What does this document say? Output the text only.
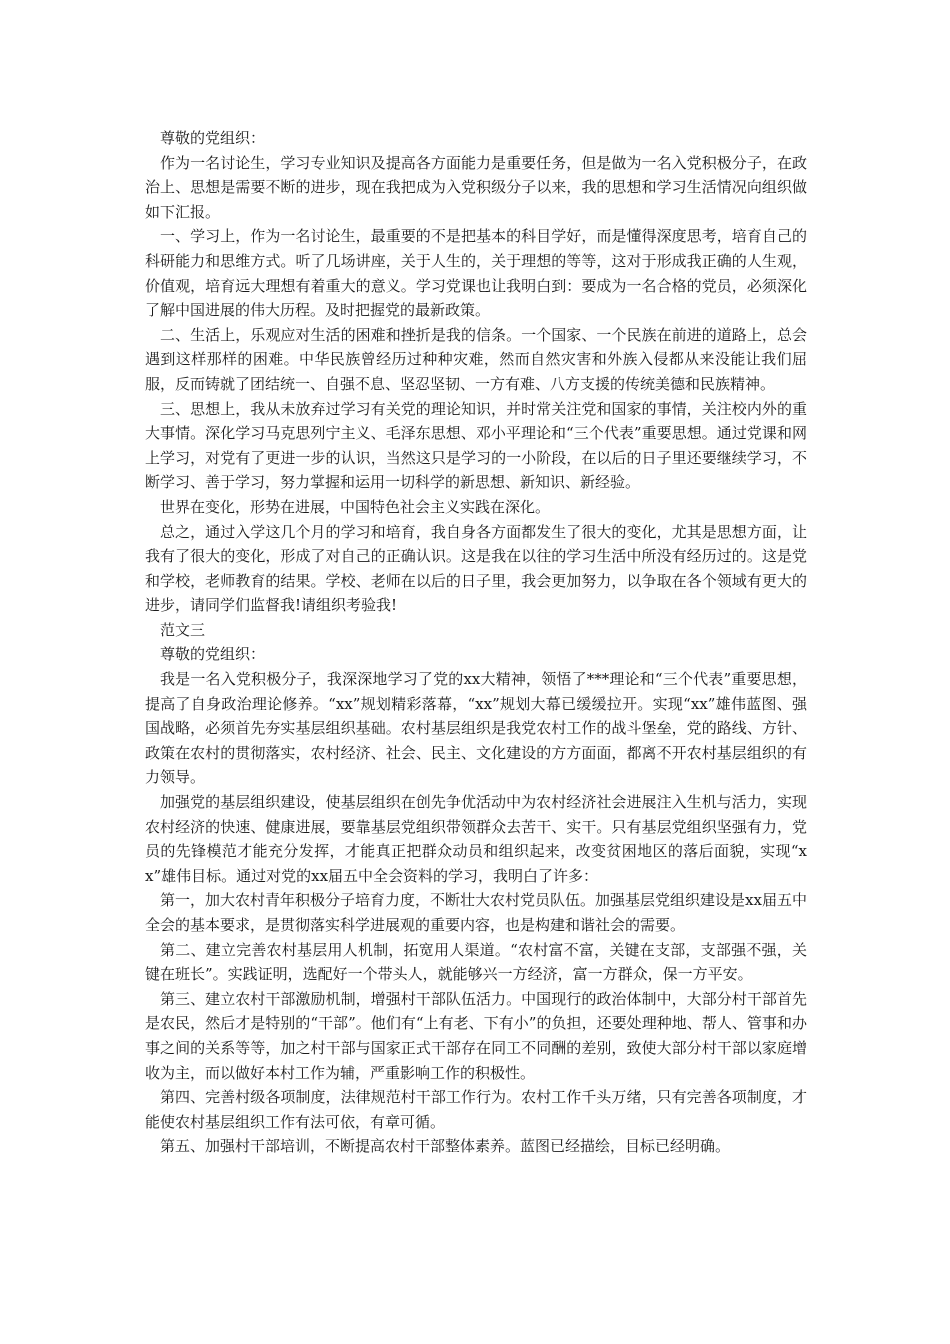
尊敬的党组织：

作为一名讨论生，学习专业知识及提高各方面能力是重要任务，但是做为一名入党积极分子，在政治上、思想是需要不断的进步，现在我把成为入党积级分子以来，我的思想和学习生活情况向组织做如下汇报。

一、学习上，作为一名讨论生，最重要的不是把基本的科目学好，而是懂得深度思考，培育自己的科研能力和思维方式。听了几场讲座，关于人生的，关于理想的等等，这对于形成我正确的人生观，价值观，培育远大理想有着重大的意义。学习党课也让我明白到：要成为一名合格的党员，必须深化了解中国进展的伟大历程。及时把握党的最新政策。

二、生活上，乐观应对生活的困难和挫折是我的信条。一个国家、一个民族在前进的道路上，总会遇到这样那样的困难。中华民族曾经历过种种灾难，然而自然灾害和外族入侵都从来没能让我们屈服，反而铸就了团结统一、自强不息、坚忍坚韧、一方有难、八方支援的传统美德和民族精神。

三、思想上，我从未放弃过学习有关党的理论知识，并时常关注党和国家的事情，关注校内外的重大事情。深化学习马克思列宁主义、毛泽东思想、邓小平理论和“三个代表”重要思想。通过党课和网上学习，对党有了更进一步的认识，当然这只是学习的一小阶段，在以后的日子里还要继续学习，不断学习、善于学习，努力掌握和运用一切科学的新思想、新知识、新经验。

世界在变化，形势在进展，中国特色社会主义实践在深化。

总之，通过入学这几个月的学习和培育，我自身各方面都发生了很大的变化，尤其是思想方面，让我有了很大的变化，形成了对自己的正确认识。这是我在以往的学习生活中所没有经历过的。这是党和学校，老师教育的结果。学校、老师在以后的日子里，我会更加努力，以争取在各个领域有更大的进步，请同学们监督我!请组织考验我!

范文三

尊敬的党组织：

我是一名入党积极分子，我深深地学习了党的xx大精神，领悟了***理论和“三个代表”重要思想，提高了自身政治理论修养。“xx”规划精彩落幕，“xx”规划大幕已缓缓拉开。实现“xx”雄伟蓝图、强国战略，必须首先夯实基层组织基础。农村基层组织是我党农村工作的战斗堡垒，党的路线、方针、政策在农村的贯彻落实，农村经济、社会、民主、文化建设的方方面面，都离不开农村基层组织的有力领导。

加强党的基层组织建设，使基层组织在创先争优活动中为农村经济社会进展注入生机与活力，实现农村经济的快速、健康进展，要靠基层党组织带领群众去苦干、实干。只有基层党组织坚强有力，党员的先锋模范才能充分发挥，才能真正把群众动员和组织起来，改变贫困地区的落后面貌，实现“xx”雄伟目标。通过对党的xx届五中全会资料的学习，我明白了许多：

第一，加大农村青年积极分子培育力度，不断壮大农村党员队伍。加强基层党组织建设是xx届五中全会的基本要求，是贯彻落实科学进展观的重要内容，也是构建和谐社会的需要。

第二、建立完善农村基层用人机制，拓宽用人渠道。“农村富不富，关键在支部，支部强不强，关键在班长”。实践证明，选配好一个带头人，就能够兴一方经济，富一方群众，保一方平安。

第三、建立农村干部激励机制，增强村干部队伍活力。中国现行的政治体制中，大部分村干部首先是农民，然后才是特别的“干部”。他们有“上有老、下有小”的负担，还要处理种地、帮人、管事和办事之间的关系等等，加之村干部与国家正式干部存在同工不同酬的差别，致使大部分村干部以家庭增收为主，而以做好本村工作为辅，严重影响工作的积极性。

第四、完善村级各项制度，法律规范村干部工作行为。农村工作千头万绪，只有完善各项制度，才能使农村基层组织工作有法可依，有章可循。

第五、加强村干部培训，不断提高农村干部整体素养。蓝图已经描绘，目标已经明确。
